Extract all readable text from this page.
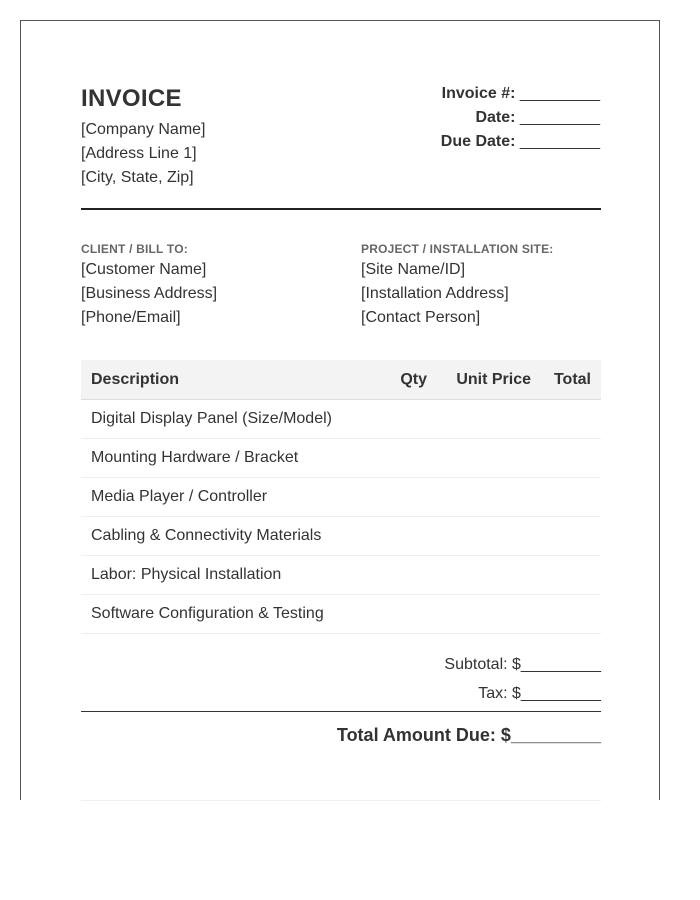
INVOICE
[Company Name]
[Address Line 1]
[City, State, Zip]
Invoice #: _________
Date: _________
Due Date: _________
CLIENT / BILL TO:
[Customer Name]
[Business Address]
[Phone/Email]
PROJECT / INSTALLATION SITE:
[Site Name/ID]
[Installation Address]
[Contact Person]
Description	Qty	Unit Price	Total
Digital Display Panel (Size/Model)			
Mounting Hardware / Bracket			
Media Player / Controller			
Cabling & Connectivity Materials			
Labor: Physical Installation			
Software Configuration & Testing			
Subtotal: $_________
Tax: $_________
Total Amount Due: $_________
